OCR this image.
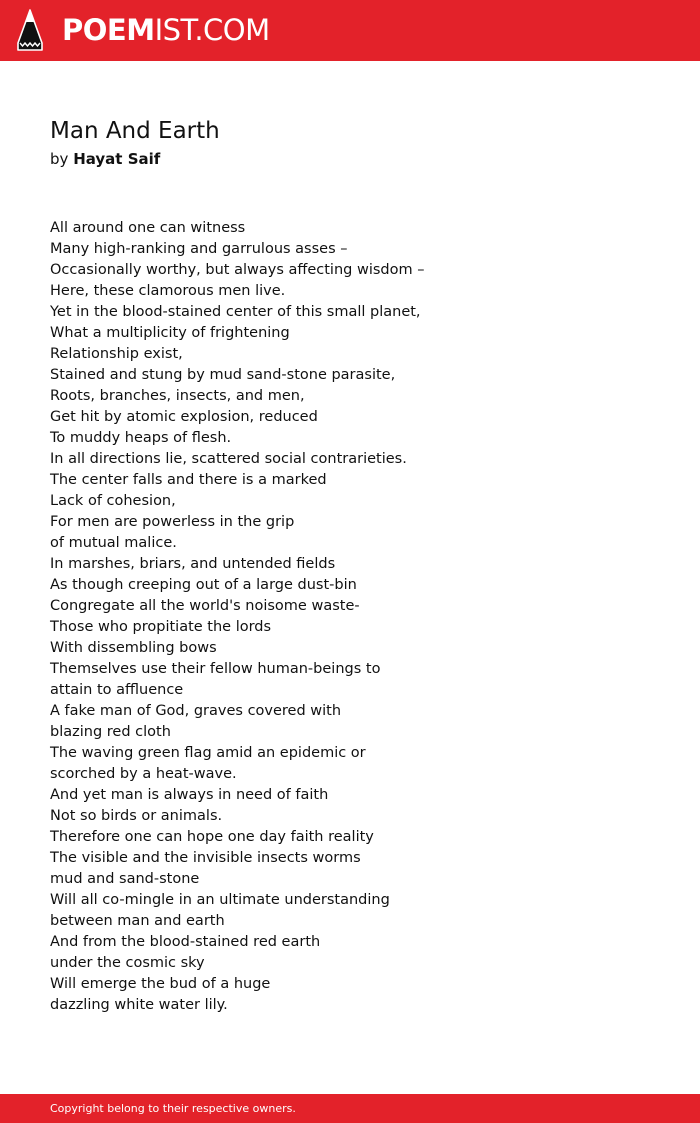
POEMIST.COM
Man And Earth
by Hayat Saif
All around one can witness
Many high-ranking and garrulous asses –
Occasionally worthy, but always affecting wisdom –
Here, these clamorous men live.
Yet in the blood-stained center of this small planet,
What a multiplicity of frightening
Relationship exist,
Stained and stung by mud sand-stone parasite,
Roots, branches, insects, and men,
Get hit by atomic explosion, reduced
To muddy heaps of flesh.
In all directions lie, scattered social contrarieties.
The center falls and there is a marked
Lack of cohesion,
For men are powerless in the grip
of mutual malice.
In marshes, briars, and untended fields
As though creeping out of a large dust-bin
Congregate all the world's noisome waste-
Those who propitiate the lords
With dissembling bows
Themselves use their fellow human-beings to
attain to affluence
A fake man of God, graves covered with
blazing red cloth
The waving green flag amid an epidemic or
scorched by a heat-wave.
And yet man is always in need of faith
Not so birds or animals.
Therefore one can hope one day faith reality
The visible and the invisible insects worms
mud and sand-stone
Will all co-mingle in an ultimate understanding
between man and earth
And from the blood-stained red earth
under the cosmic sky
Will emerge the bud of a huge
dazzling white water lily.
Copyright belong to their respective owners.
